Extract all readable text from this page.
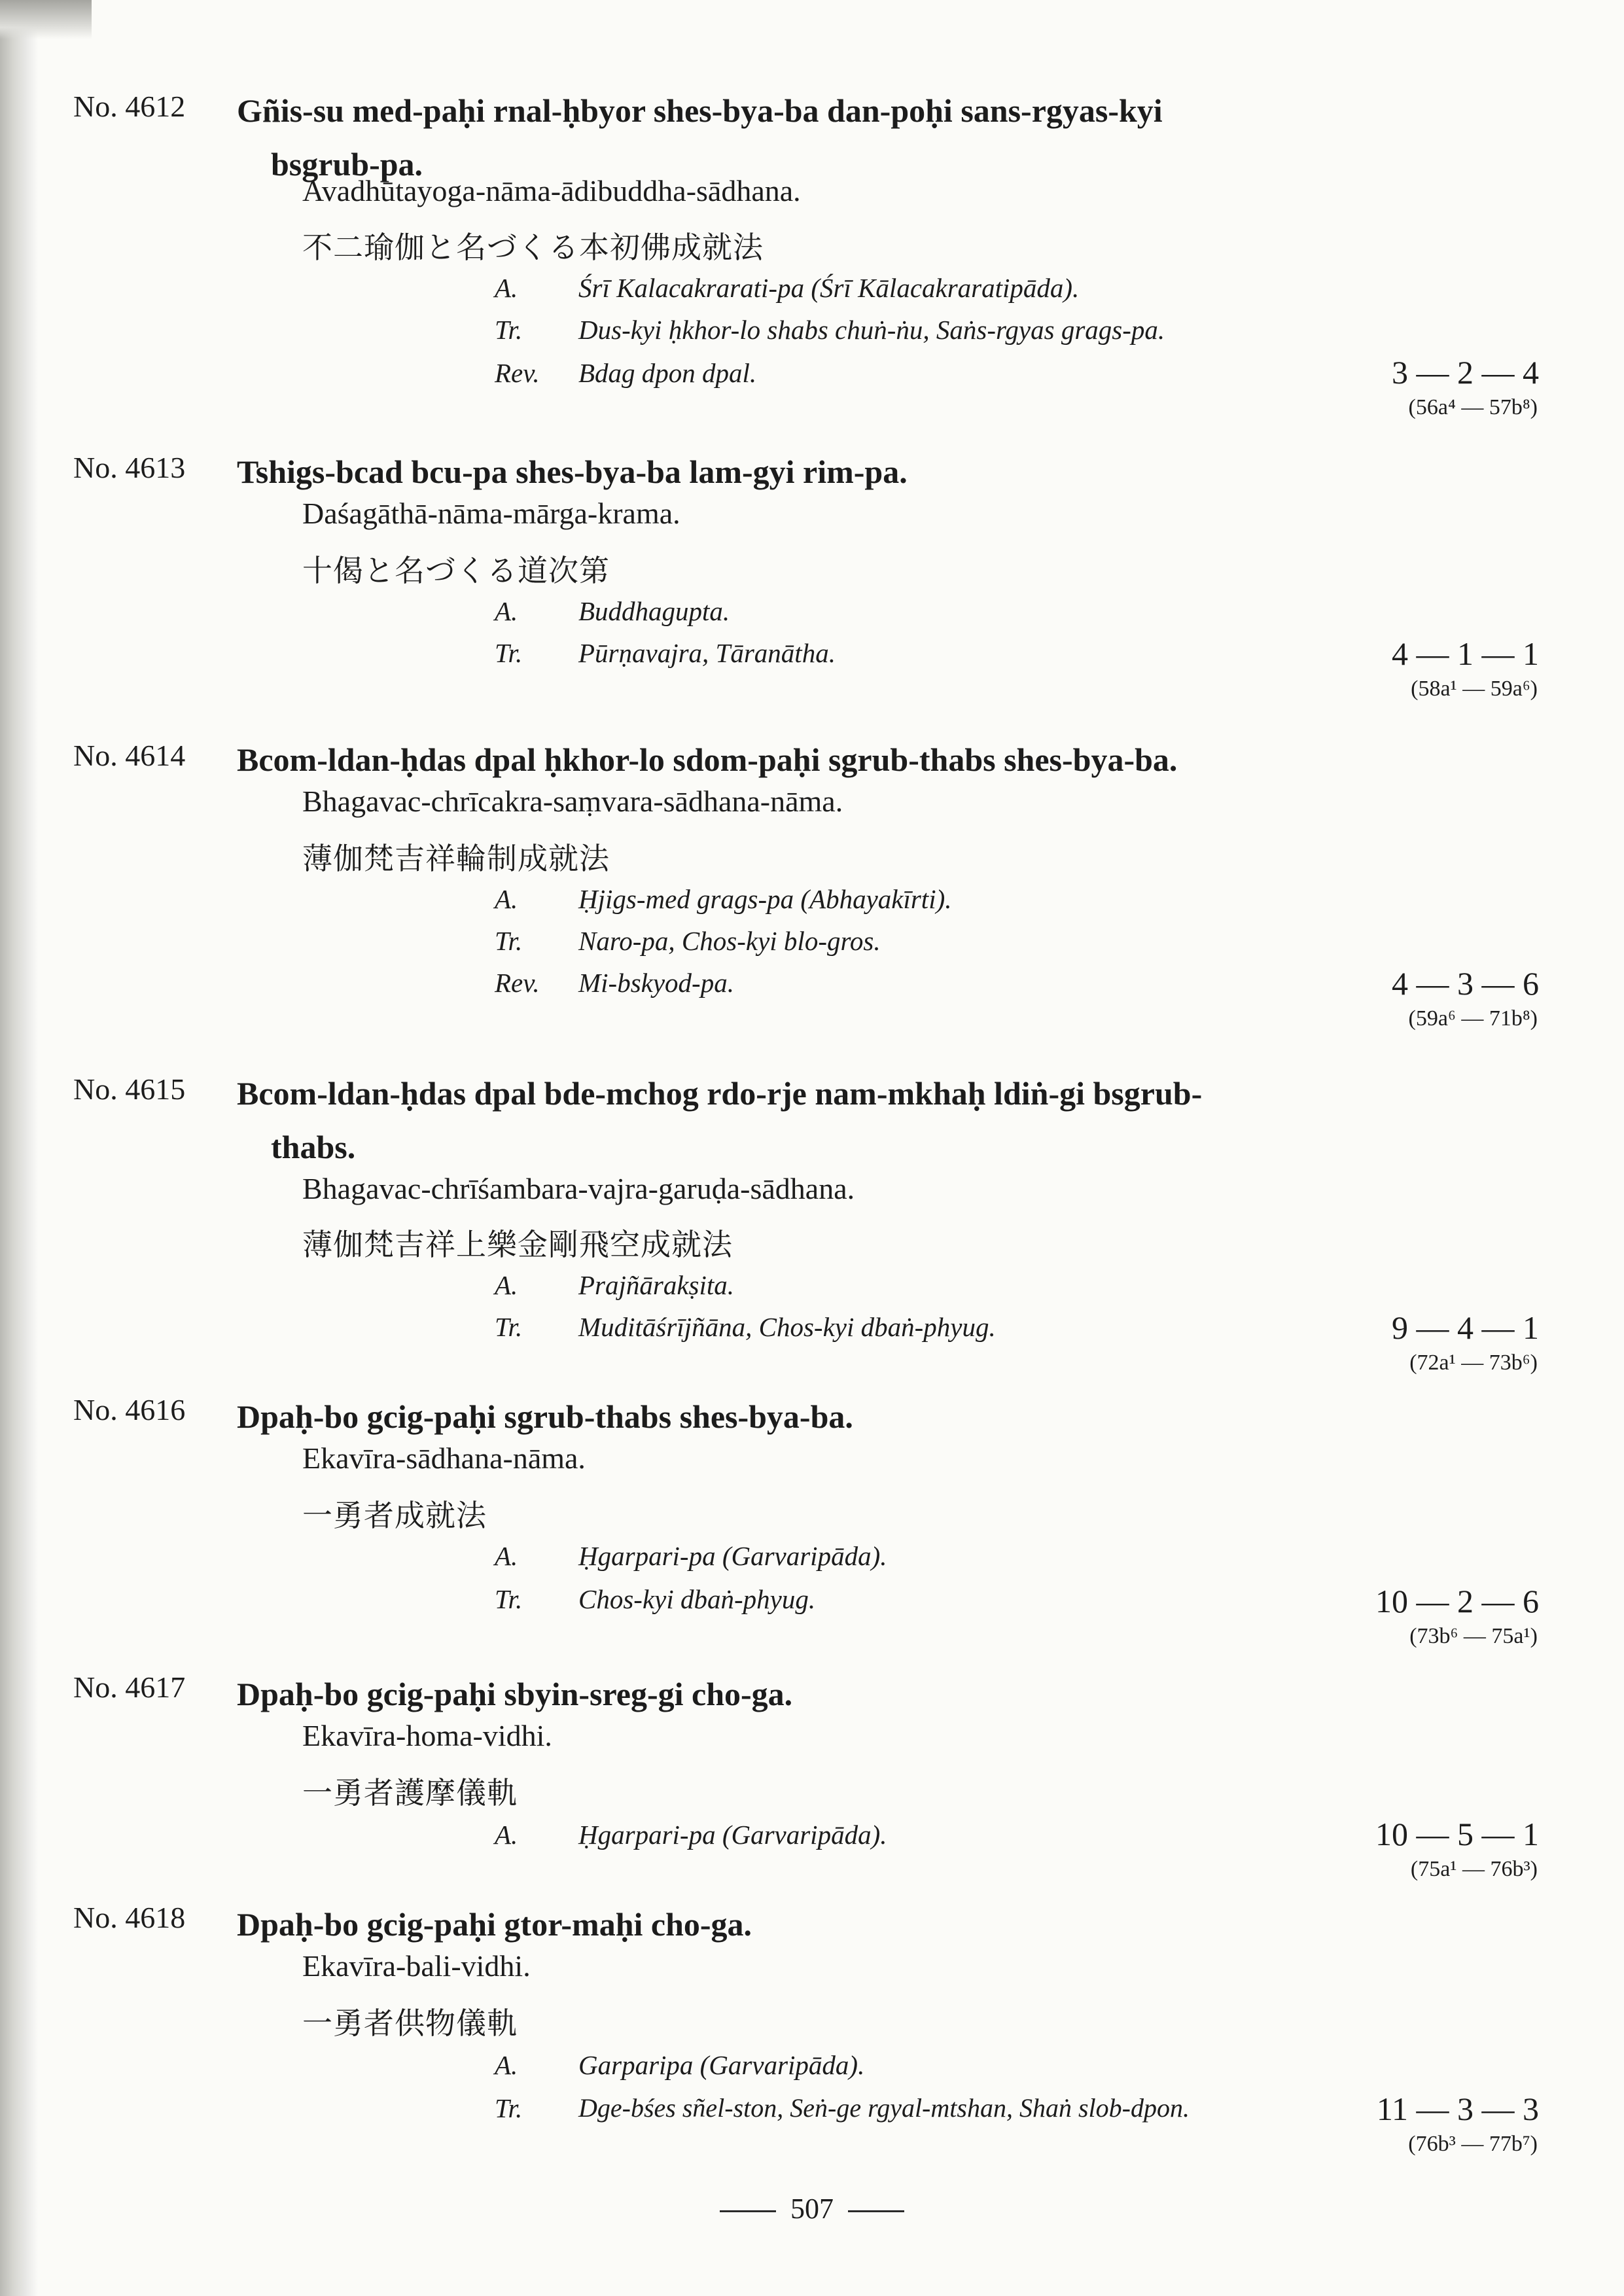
No. 4612 Gñis-su med-paḥi rnal-ḥbyor shes-bya-ba dan-poḥi sans-rgyas-kyi
bsgrub-pa.

Avadhūtayoga-nāma-ādibuddha-sādhana.

不二瑜伽と名づくる本初佛成就法
A. Śrī Kalacakrarati-pa (Śrī Kālacakraratipāda).
Tr. Dus-kyi ḥkhor-lo shabs chuṅ-ṅu, Saṅs-rgyas grags-pa.
Rev. Bdag dpon dpal.	3 — 2 — 4
(56a⁴ — 57b⁸)
No. 4613 Tshigs-bcad bcu-pa shes-bya-ba lam-gyi rim-pa.

Daśagāthā-nāma-mārga-krama.

十偈と名づくる道次第
A. Buddhagupta.
Tr. Pūrṇavajra, Tāranātha.	4 — 1 — 1
(58a¹ — 59a⁶)
No. 4614 Bcom-ldan-ḥdas dpal ḥkhor-lo sdom-paḥi sgrub-thabs shes-bya-ba.

Bhagavac-chrīcakra-saṃvara-sādhana-nāma.

薄伽梵吉祥輪制成就法
A. Ḥjigs-med grags-pa (Abhayakīrti).
Tr. Naro-pa, Chos-kyi blo-gros.
Rev. Mi-bskyod-pa.	4 — 3 — 6
(59a⁶ — 71b⁸)
No. 4615 Bcom-ldan-ḥdas dpal bde-mchog rdo-rje nam-mkhaḥ ldiṅ-gi bsgrub-
thabs.

Bhagavac-chrīśambara-vajra-garuḍa-sādhana.

薄伽梵吉祥上樂金剛飛空成就法
A. Prajñārakṣita.
Tr. Muditāśrījñāna, Chos-kyi dbaṅ-phyug.	9 — 4 — 1
(72a¹ — 73b⁶)
No. 4616 Dpaḥ-bo gcig-paḥi sgrub-thabs shes-bya-ba.

Ekavīra-sādhana-nāma.

一勇者成就法
A. Ḥgarpari-pa (Garvaripāda).
Tr. Chos-kyi dbaṅ-phyug.	10 — 2 — 6
(73b⁶ — 75a¹)
No. 4617 Dpaḥ-bo gcig-paḥi sbyin-sreg-gi cho-ga.

Ekavīra-homa-vidhi.

一勇者護摩儀軌
A. Ḥgarpari-pa (Garvaripāda).	10 — 5 — 1
(75a¹ — 76b³)
No. 4618 Dpaḥ-bo gcig-paḥi gtor-maḥi cho-ga.

Ekavīra-bali-vidhi.

一勇者供物儀軌
A. Garparipa (Garvaripāda).
Tr. Dge-bśes sñel-ston, Seṅ-ge rgyal-mtshan, Shaṅ slob-dpon.	11 — 3 — 3
(76b³ — 77b⁷)
507
